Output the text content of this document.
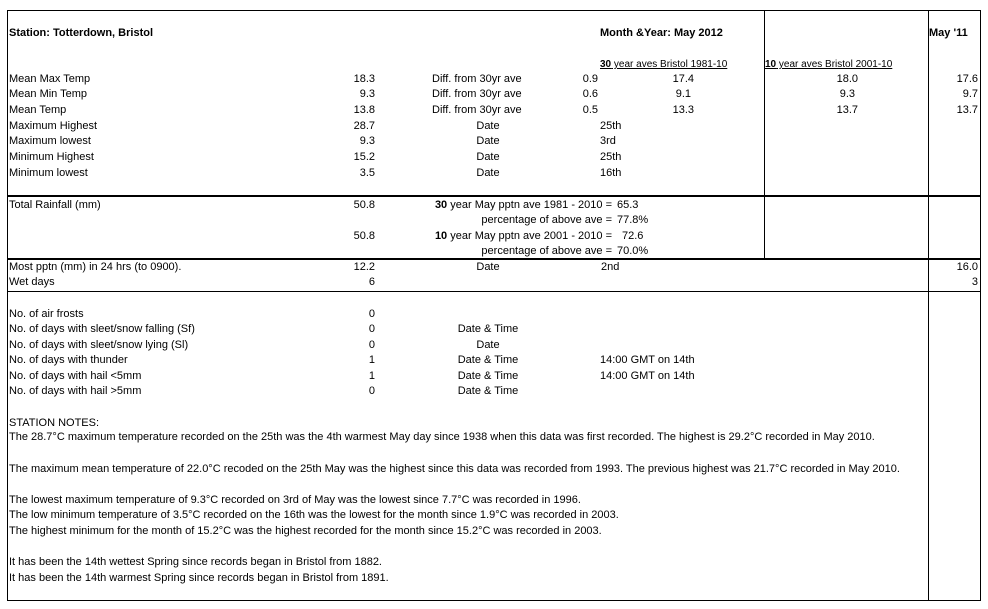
Station: Totterdown, Bristol	Month &Year: May 2012	May '11
30 year aves Bristol 1981-10	10 year aves Bristol 2001-10
Mean Max Temp	18.3	Diff. from 30yr ave	0.9	17.4	18.0	17.6
Mean Min Temp	9.3	Diff. from 30yr ave	0.6	9.1	9.3	9.7
Mean Temp	13.8	Diff. from 30yr ave	0.5	13.3	13.7	13.7
Maximum Highest	28.7	Date	25th
Maximum lowest	9.3	Date	3rd
Minimum Highest	15.2	Date	25th
Minimum lowest	3.5	Date	16th
Total Rainfall (mm)	50.8	30 year May pptn ave 1981 - 2010 = 65.3
percentage of above ave = 77.8%
50.8	10 year May pptn ave 2001 - 2010 = 72.6
percentage of above ave = 70.0%
Most pptn (mm) in 24 hrs (to 0900).	12.2	Date	2nd	16.0
Wet days	6	3
No. of air frosts	0
No. of days with sleet/snow falling (Sf)	0	Date & Time
No. of days with sleet/snow lying (Sl)	0	Date
No. of days with thunder	1	Date & Time	14:00 GMT on 14th
No. of days with hail <5mm	1	Date & Time	14:00 GMT on 14th
No. of days with hail >5mm	0	Date & Time
STATION NOTES:
The 28.7°C maximum temperature recorded on the 25th was the 4th warmest May day since 1938 when this data was first recorded. The highest is 29.2°C recorded in May 2010.
The maximum mean temperature of 22.0°C recoded on the 25th May was the highest since this data was recorded from 1993. The previous highest was 21.7°C recorded in May 2010.
The lowest maximum temperature of 9.3°C recorded on 3rd of May was the lowest since 7.7°C was recorded in 1996.
The low minimum temperature of 3.5°C recorded on the 16th was the lowest for the month since 1.9°C was recorded in 2003.
The highest minimum for the month of 15.2°C was the highest recorded for the month since 15.2°C was recorded in 2003.
It has been the 14th wettest Spring since records began in Bristol from 1882.
It has been the 14th warmest Spring since records began in Bristol from 1891.
